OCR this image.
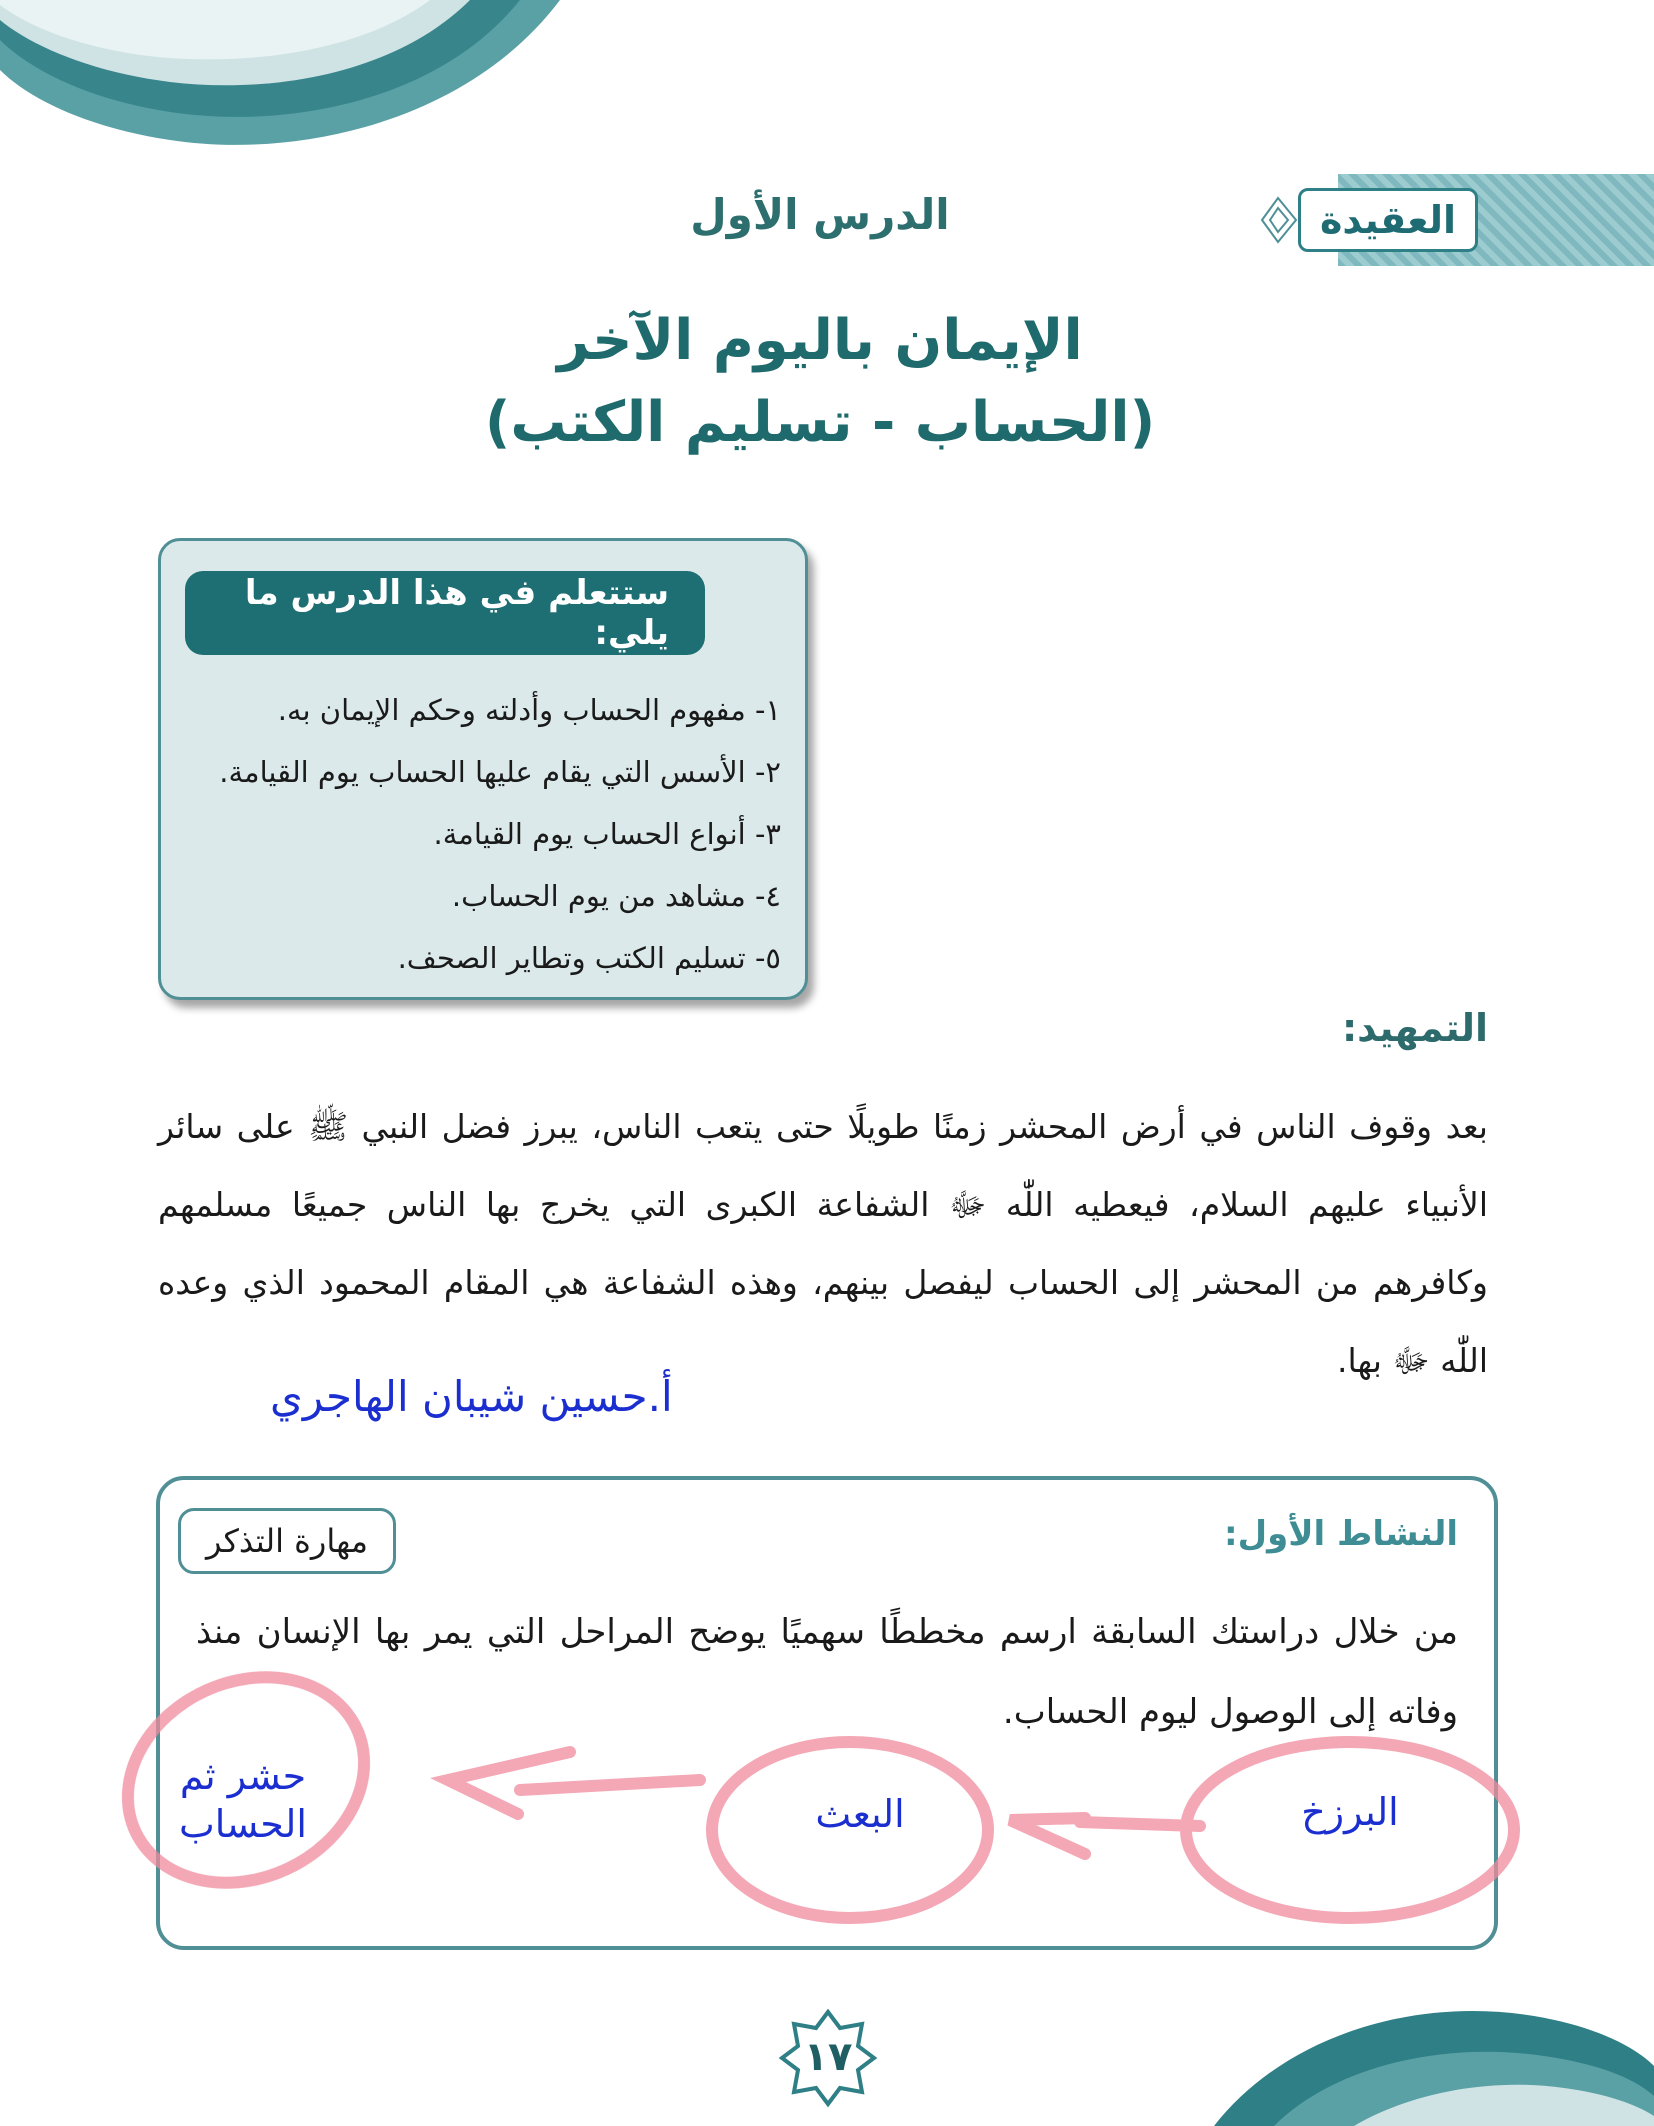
العقيدة
الدرس الأول
الإيمان باليوم الآخر
(الحساب - تسليم الكتب)
ستتعلم في هذا الدرس ما يلي:
١- مفهوم الحساب وأدلته وحكم الإيمان به.
٢- الأسس التي يقام عليها الحساب يوم القيامة.
٣- أنواع الحساب يوم القيامة.
٤- مشاهد من يوم الحساب.
٥- تسليم الكتب وتطاير الصحف.
التمهيد:
بعد وقوف الناس في أرض المحشر زمنًا طويلًا حتى يتعب الناس، يبرز فضل النبي ﷺ على سائر الأنبياء عليهم السلام، فيعطيه اللّٰه ﷻ الشفاعة الكبرى التي يخرج بها الناس جميعًا مسلمهم وكافرهم من المحشر إلى الحساب ليفصل بينهم، وهذه الشفاعة هي المقام المحمود الذي وعده اللّٰه ﷻ بها.
أ.حسين شيبان الهاجري
مهارة التذكر	النشاط الأول:
من خلال دراستك السابقة ارسم مخططًا سهميًا يوضح المراحل التي يمر بها الإنسان منذ وفاته إلى الوصول ليوم الحساب.
البرزخ
البعث
حشر ثم الحساب
١٧
